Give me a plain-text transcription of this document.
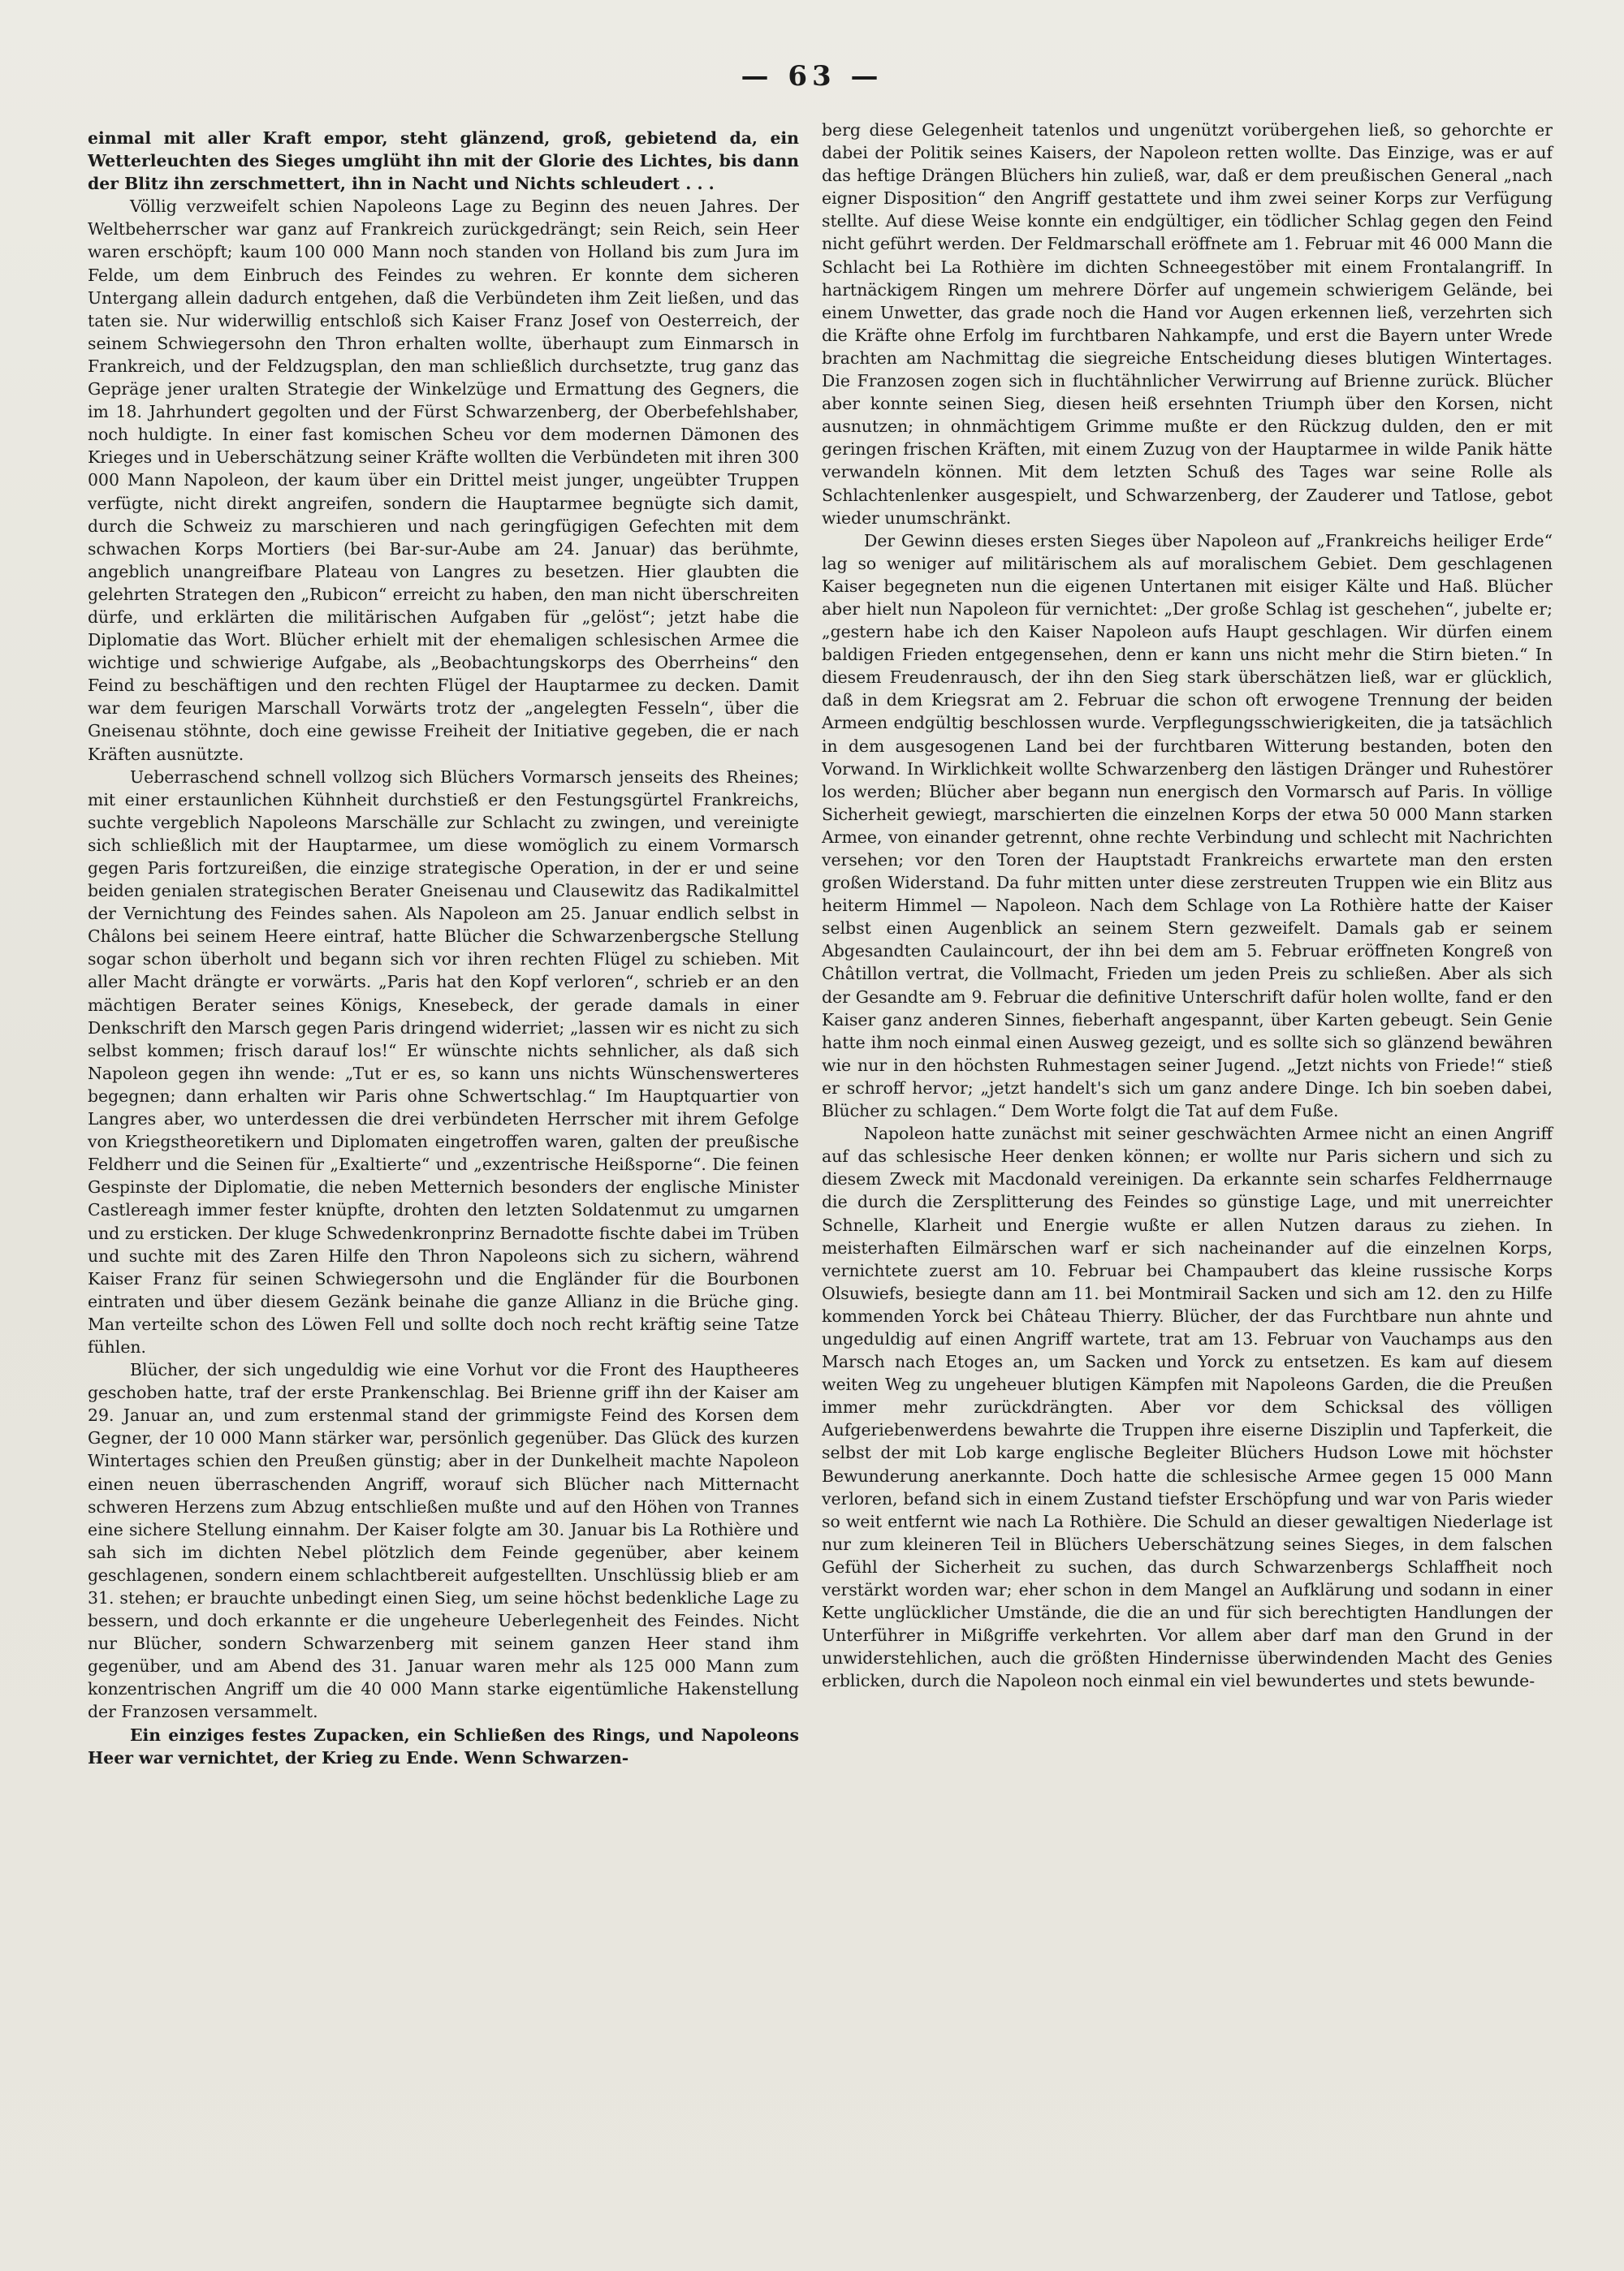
— 63 —

einmal mit aller Kraft empor, steht glänzend, groß, gebietend da, ein Wetterleuchten des Sieges umglüht ihn mit der Glorie des Lichtes, bis dann der Blitz ihn zerschmettert, ihn in Nacht und Nichts schleudert . . .

Völlig verzweifelt schien Napoleons Lage zu Beginn des neuen Jahres. Der Weltbeherrscher war ganz auf Frankreich zurückgedrängt; sein Reich, sein Heer waren erschöpft; kaum 100 000 Mann noch standen von Holland bis zum Jura im Felde, um dem Einbruch des Feindes zu wehren. Er konnte dem sicheren Untergang allein dadurch entgehen, daß die Verbündeten ihm Zeit ließen, und das taten sie. Nur widerwillig entschloß sich Kaiser Franz Josef von Oesterreich, der seinem Schwiegersohn den Thron erhalten wollte, überhaupt zum Einmarsch in Frankreich, und der Feldzugsplan, den man schließlich durchsetzte, trug ganz das Gepräge jener uralten Strategie der Winkelzüge und Ermattung des Gegners, die im 18. Jahrhundert gegolten und der Fürst Schwarzenberg, der Oberbefehlshaber, noch huldigte. In einer fast komischen Scheu vor dem modernen Dämonen des Krieges und in Ueberschätzung seiner Kräfte wollten die Verbündeten mit ihren 300 000 Mann Napoleon, der kaum über ein Drittel meist junger, ungeübter Truppen verfügte, nicht direkt angreifen, sondern die Hauptarmee begnügte sich damit, durch die Schweiz zu marschieren und nach geringfügigen Gefechten mit dem schwachen Korps Mortiers (bei Bar-sur-Aube am 24. Januar) das berühmte, angeblich unangreifbare Plateau von Langres zu besetzen. Hier glaubten die gelehrten Strategen den „Rubicon“ erreicht zu haben, den man nicht überschreiten dürfe, und erklärten die militärischen Aufgaben für „gelöst“; jetzt habe die Diplomatie das Wort. Blücher erhielt mit der ehemaligen schlesischen Armee die wichtige und schwierige Aufgabe, als „Beobachtungskorps des Oberrheins“ den Feind zu beschäftigen und den rechten Flügel der Hauptarmee zu decken. Damit war dem feurigen Marschall Vorwärts trotz der „angelegten Fesseln“, über die Gneisenau stöhnte, doch eine gewisse Freiheit der Initiative gegeben, die er nach Kräften ausnützte.

Ueberraschend schnell vollzog sich Blüchers Vormarsch jenseits des Rheines; mit einer erstaunlichen Kühnheit durchstieß er den Festungsgürtel Frankreichs, suchte vergeblich Napoleons Marschälle zur Schlacht zu zwingen, und vereinigte sich schließlich mit der Hauptarmee, um diese womöglich zu einem Vormarsch gegen Paris fortzureißen, die einzige strategische Operation, in der er und seine beiden genialen strategischen Berater Gneisenau und Clausewitz das Radikalmittel der Vernichtung des Feindes sahen. Als Napoleon am 25. Januar endlich selbst in Châlons bei seinem Heere eintraf, hatte Blücher die Schwarzenbergsche Stellung sogar schon überholt und begann sich vor ihren rechten Flügel zu schieben. Mit aller Macht drängte er vorwärts. „Paris hat den Kopf verloren“, schrieb er an den mächtigen Berater seines Königs, Knesebeck, der gerade damals in einer Denkschrift den Marsch gegen Paris dringend widerriet; „lassen wir es nicht zu sich selbst kommen; frisch darauf los!“ Er wünschte nichts sehnlicher, als daß sich Napoleon gegen ihn wende: „Tut er es, so kann uns nichts Wünschenswerteres begegnen; dann erhalten wir Paris ohne Schwertschlag.“ Im Hauptquartier von Langres aber, wo unterdessen die drei verbündeten Herrscher mit ihrem Gefolge von Kriegstheoretikern und Diplomaten eingetroffen waren, galten der preußische Feldherr und die Seinen für „Exaltierte“ und „exzentrische Heißsporne“. Die feinen Gespinste der Diplomatie, die neben Metternich besonders der englische Minister Castlereagh immer fester knüpfte, drohten den letzten Soldatenmut zu umgarnen und zu ersticken. Der kluge Schwedenkronprinz Bernadotte fischte dabei im Trüben und suchte mit des Zaren Hilfe den Thron Napoleons sich zu sichern, während Kaiser Franz für seinen Schwiegersohn und die Engländer für die Bourbonen eintraten und über diesem Gezänk beinahe die ganze Allianz in die Brüche ging. Man verteilte schon des Löwen Fell und sollte doch noch recht kräftig seine Tatze fühlen.

Blücher, der sich ungeduldig wie eine Vorhut vor die Front des Hauptheeres geschoben hatte, traf der erste Prankenschlag. Bei Brienne griff ihn der Kaiser am 29. Januar an, und zum erstenmal stand der grimmigste Feind des Korsen dem Gegner, der 10 000 Mann stärker war, persönlich gegenüber. Das Glück des kurzen Wintertages schien den Preußen günstig; aber in der Dunkelheit machte Napoleon einen neuen überraschenden Angriff, worauf sich Blücher nach Mitternacht schweren Herzens zum Abzug entschließen mußte und auf den Höhen von Trannes eine sichere Stellung einnahm. Der Kaiser folgte am 30. Januar bis La Rothière und sah sich im dichten Nebel plötzlich dem Feinde gegenüber, aber keinem geschlagenen, sondern einem schlachtbereit aufgestellten. Unschlüssig blieb er am 31. stehen; er brauchte unbedingt einen Sieg, um seine höchst bedenkliche Lage zu bessern, und doch erkannte er die ungeheure Ueberlegenheit des Feindes. Nicht nur Blücher, sondern Schwarzenberg mit seinem ganzen Heer stand ihm gegenüber, und am Abend des 31. Januar waren mehr als 125 000 Mann zum konzentrischen Angriff um die 40 000 Mann starke eigentümliche Hakenstellung der Franzosen versammelt.

Ein einziges festes Zupacken, ein Schließen des Rings, und Napoleons Heer war vernichtet, der Krieg zu Ende. Wenn Schwarzen-

berg diese Gelegenheit tatenlos und ungenützt vorübergehen ließ, so gehorchte er dabei der Politik seines Kaisers, der Napoleon retten wollte. Das Einzige, was er auf das heftige Drängen Blüchers hin zuließ, war, daß er dem preußischen General „nach eigner Disposition“ den Angriff gestattete und ihm zwei seiner Korps zur Verfügung stellte. Auf diese Weise konnte ein endgültiger, ein tödlicher Schlag gegen den Feind nicht geführt werden. Der Feldmarschall eröffnete am 1. Februar mit 46 000 Mann die Schlacht bei La Rothière im dichten Schneegestöber mit einem Frontalangriff. In hartnäckigem Ringen um mehrere Dörfer auf ungemein schwierigem Gelände, bei einem Unwetter, das grade noch die Hand vor Augen erkennen ließ, verzehrten sich die Kräfte ohne Erfolg im furchtbaren Nahkampfe, und erst die Bayern unter Wrede brachten am Nachmittag die siegreiche Entscheidung dieses blutigen Wintertages. Die Franzosen zogen sich in fluchtähnlicher Verwirrung auf Brienne zurück. Blücher aber konnte seinen Sieg, diesen heiß ersehnten Triumph über den Korsen, nicht ausnutzen; in ohnmächtigem Grimme mußte er den Rückzug dulden, den er mit geringen frischen Kräften, mit einem Zuzug von der Hauptarmee in wilde Panik hätte verwandeln können. Mit dem letzten Schuß des Tages war seine Rolle als Schlachtenlenker ausgespielt, und Schwarzenberg, der Zauderer und Tatlose, gebot wieder unumschränkt.

Der Gewinn dieses ersten Sieges über Napoleon auf „Frankreichs heiliger Erde“ lag so weniger auf militärischem als auf moralischem Gebiet. Dem geschlagenen Kaiser begegneten nun die eigenen Untertanen mit eisiger Kälte und Haß. Blücher aber hielt nun Napoleon für vernichtet: „Der große Schlag ist geschehen“, jubelte er; „gestern habe ich den Kaiser Napoleon aufs Haupt geschlagen. Wir dürfen einem baldigen Frieden entgegensehen, denn er kann uns nicht mehr die Stirn bieten.“ In diesem Freudenrausch, der ihn den Sieg stark überschätzen ließ, war er glücklich, daß in dem Kriegsrat am 2. Februar die schon oft erwogene Trennung der beiden Armeen endgültig beschlossen wurde. Verpflegungsschwierigkeiten, die ja tatsächlich in dem ausgesogenen Land bei der furchtbaren Witterung bestanden, boten den Vorwand. In Wirklichkeit wollte Schwarzenberg den lästigen Dränger und Ruhestörer los werden; Blücher aber begann nun energisch den Vormarsch auf Paris. In völlige Sicherheit gewiegt, marschierten die einzelnen Korps der etwa 50 000 Mann starken Armee, von einander getrennt, ohne rechte Verbindung und schlecht mit Nachrichten versehen; vor den Toren der Hauptstadt Frankreichs erwartete man den ersten großen Widerstand. Da fuhr mitten unter diese zerstreuten Truppen wie ein Blitz aus heiterm Himmel — Napoleon. Nach dem Schlage von La Rothière hatte der Kaiser selbst einen Augenblick an seinem Stern gezweifelt. Damals gab er seinem Abgesandten Caulaincourt, der ihn bei dem am 5. Februar eröffneten Kongreß von Châtillon vertrat, die Vollmacht, Frieden um jeden Preis zu schließen. Aber als sich der Gesandte am 9. Februar die definitive Unterschrift dafür holen wollte, fand er den Kaiser ganz anderen Sinnes, fieberhaft angespannt, über Karten gebeugt. Sein Genie hatte ihm noch einmal einen Ausweg gezeigt, und es sollte sich so glänzend bewähren wie nur in den höchsten Ruhmestagen seiner Jugend. „Jetzt nichts von Friede!“ stieß er schroff hervor; „jetzt handelt's sich um ganz andere Dinge. Ich bin soeben dabei, Blücher zu schlagen.“ Dem Worte folgt die Tat auf dem Fuße.

Napoleon hatte zunächst mit seiner geschwächten Armee nicht an einen Angriff auf das schlesische Heer denken können; er wollte nur Paris sichern und sich zu diesem Zweck mit Macdonald vereinigen. Da erkannte sein scharfes Feldherrnauge die durch die Zersplitterung des Feindes so günstige Lage, und mit unerreichter Schnelle, Klarheit und Energie wußte er allen Nutzen daraus zu ziehen. In meisterhaften Eilmärschen warf er sich nacheinander auf die einzelnen Korps, vernichtete zuerst am 10. Februar bei Champaubert das kleine russische Korps Olsuwiefs, besiegte dann am 11. bei Montmirail Sacken und sich am 12. den zu Hilfe kommenden Yorck bei Château Thierry. Blücher, der das Furchtbare nun ahnte und ungeduldig auf einen Angriff wartete, trat am 13. Februar von Vauchamps aus den Marsch nach Etoges an, um Sacken und Yorck zu entsetzen. Es kam auf diesem weiten Weg zu ungeheuer blutigen Kämpfen mit Napoleons Garden, die die Preußen immer mehr zurückdrängten. Aber vor dem Schicksal des völligen Aufgeriebenwerdens bewahrte die Truppen ihre eiserne Disziplin und Tapferkeit, die selbst der mit Lob karge englische Begleiter Blüchers Hudson Lowe mit höchster Bewunderung anerkannte. Doch hatte die schlesische Armee gegen 15 000 Mann verloren, befand sich in einem Zustand tiefster Erschöpfung und war von Paris wieder so weit entfernt wie nach La Rothière. Die Schuld an dieser gewaltigen Niederlage ist nur zum kleineren Teil in Blüchers Ueberschätzung seines Sieges, in dem falschen Gefühl der Sicherheit zu suchen, das durch Schwarzenbergs Schlaffheit noch verstärkt worden war; eher schon in dem Mangel an Aufklärung und sodann in einer Kette unglücklicher Umstände, die die an und für sich berechtigten Handlungen der Unterführer in Mißgriffe verkehrten. Vor allem aber darf man den Grund in der unwiderstehlichen, auch die größten Hindernisse überwindenden Macht des Genies erblicken, durch die Napoleon noch einmal ein viel bewundertes und stets bewunde-
